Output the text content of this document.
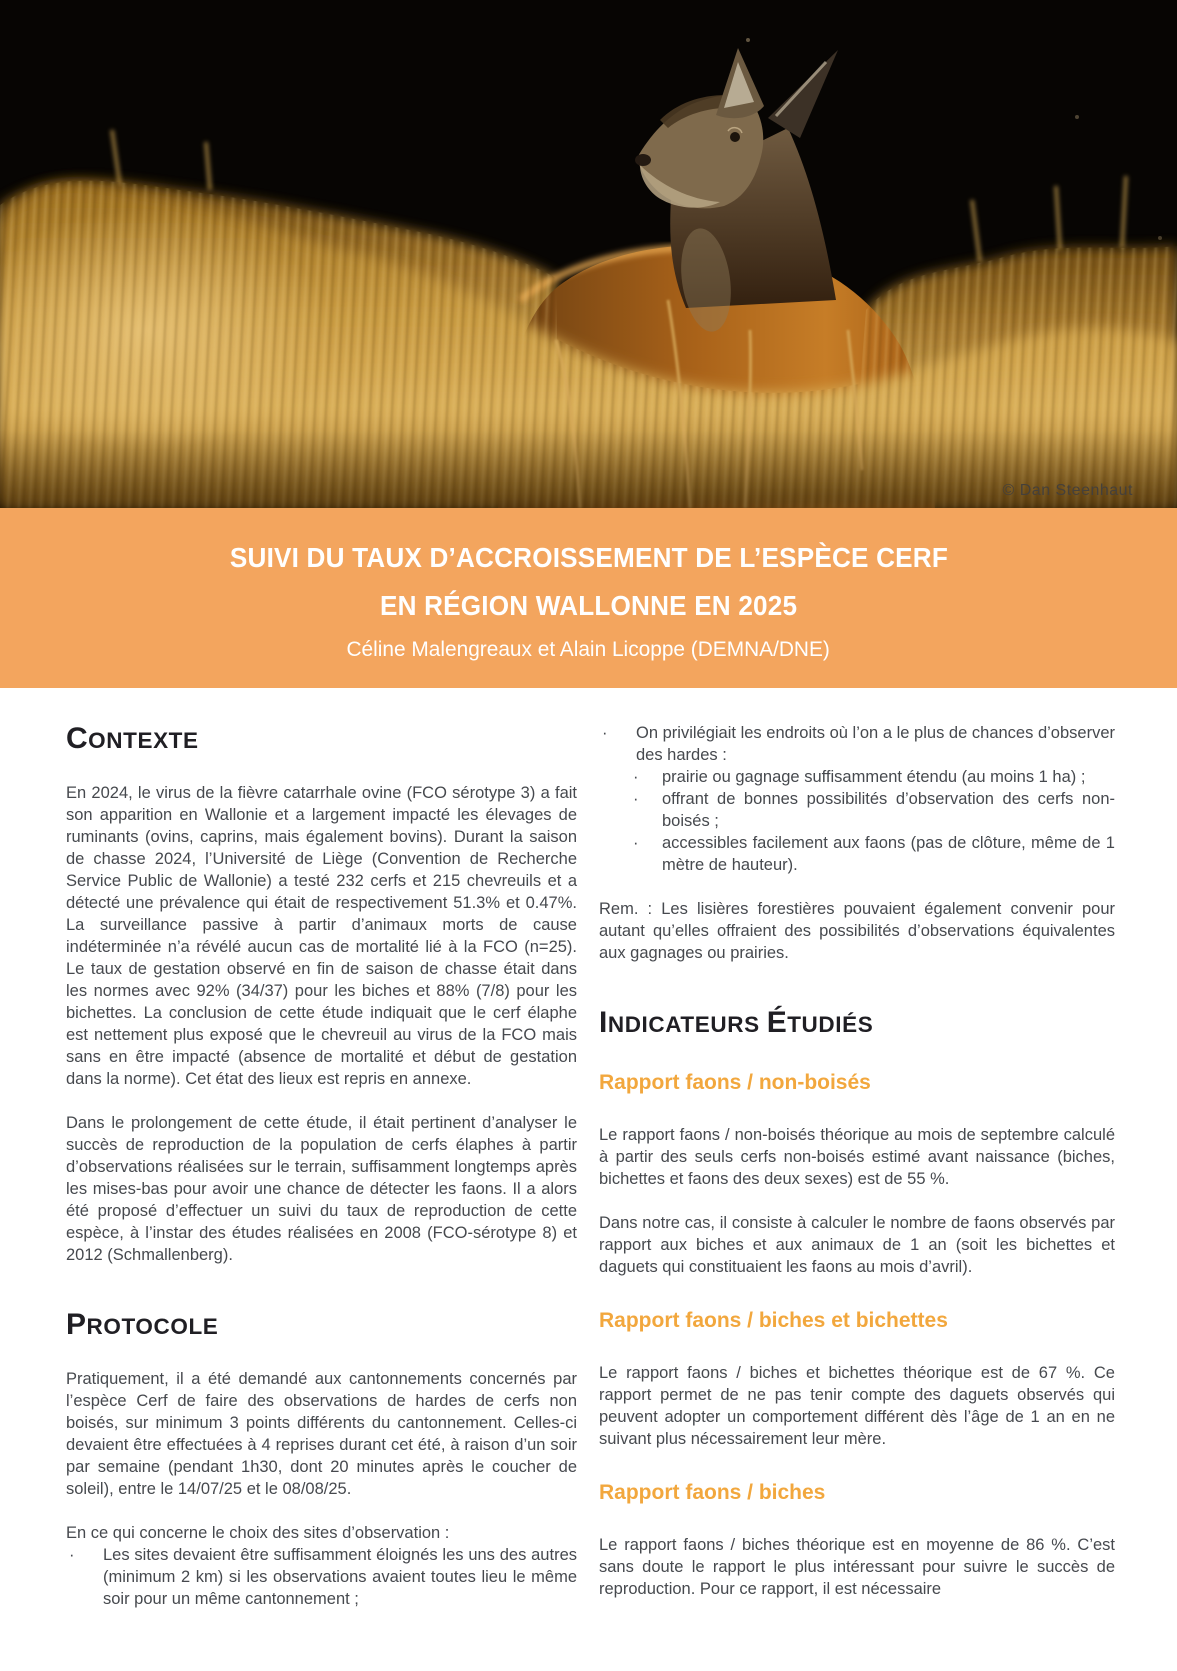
© Dan Steenhaut
SUIVI DU TAUX D’ACCROISSEMENT DE L’ESPÈCE CERF
EN RÉGION WALLONNE EN 2025
Céline Malengreaux et Alain Licoppe (DEMNA/DNE)
CONTEXTE

En 2024, le virus de la fièvre catarrhale ovine (FCO sérotype 3) a fait son apparition en Wallonie et a largement impacté les élevages de ruminants (ovins, caprins, mais également bovins). Durant la saison de chasse 2024, l’Université de Liège (Convention de Recherche Service Public de Wallonie) a testé 232 cerfs et 215 chevreuils et a détecté une prévalence qui était de respectivement 51.3% et 0.47%. La surveillance passive à partir d’animaux morts de cause indéterminée n’a révélé aucun cas de mortalité lié à la FCO (n=25). Le taux de gestation observé en fin de saison de chasse était dans les normes avec 92% (34/37) pour les biches et 88% (7/8) pour les bichettes. La conclusion de cette étude indiquait que le cerf élaphe est nettement plus exposé que le chevreuil au virus de la FCO mais sans en être impacté (absence de mortalité et début de gestation dans la norme). Cet état des lieux est repris en annexe.

Dans le prolongement de cette étude, il était pertinent d’analyser le succès de reproduction de la population de cerfs élaphes à partir d’observations réalisées sur le terrain, suffisamment longtemps après les mises-bas pour avoir une chance de détecter les faons. Il a alors été proposé d’effectuer un suivi du taux de reproduction de cette espèce, à l’instar des études réalisées en 2008 (FCO-sérotype 8) et 2012 (Schmallenberg).

PROTOCOLE

Pratiquement, il a été demandé aux cantonnements concernés par l’espèce Cerf de faire des observations de hardes de cerfs non boisés, sur minimum 3 points différents du cantonnement. Celles-ci devaient être effectuées à 4 reprises durant cet été, à raison d’un soir par semaine (pendant 1h30, dont 20 minutes après le coucher de soleil), entre le 14/07/25 et le 08/08/25.

En ce qui concerne le choix des sites d’observation :

·	Les sites devaient être suffisamment éloignés les uns des autres (minimum 2 km) si les observations avaient toutes lieu le même soir pour un même cantonnement ;
·	On privilégiait les endroits où l’on a le plus de chances d’observer des hardes :
·	prairie ou gagnage suffisamment étendu (au moins 1 ha) ;
·	offrant de bonnes possibilités d’observation des cerfs non-boisés ;
·	accessibles facilement aux faons (pas de clôture, même de 1 mètre de hauteur).

Rem. : Les lisières forestières pouvaient également convenir pour autant qu’elles offraient des possibilités d’observations équivalentes aux gagnages ou prairies.

INDICATEURS ÉTUDIÉS
Rapport faons / non-boisés

Le rapport faons / non-boisés théorique au mois de septembre calculé à partir des seuls cerfs non-boisés estimé avant naissance (biches, bichettes et faons des deux sexes) est de 55 %.

Dans notre cas, il consiste à calculer le nombre de faons observés par rapport aux biches et aux animaux de 1 an (soit les bichettes et daguets qui constituaient les faons au mois d’avril).

Rapport faons / biches et bichettes

Le rapport faons / biches et bichettes théorique est de 67 %. Ce rapport permet de ne pas tenir compte des daguets observés qui peuvent adopter un comportement différent dès l’âge de 1 an en ne suivant plus nécessairement leur mère.

Rapport faons / biches

Le rapport faons / biches théorique est en moyenne de 86 %. C’est sans doute le rapport le plus intéressant pour suivre le succès de reproduction. Pour ce rapport, il est nécessaire
